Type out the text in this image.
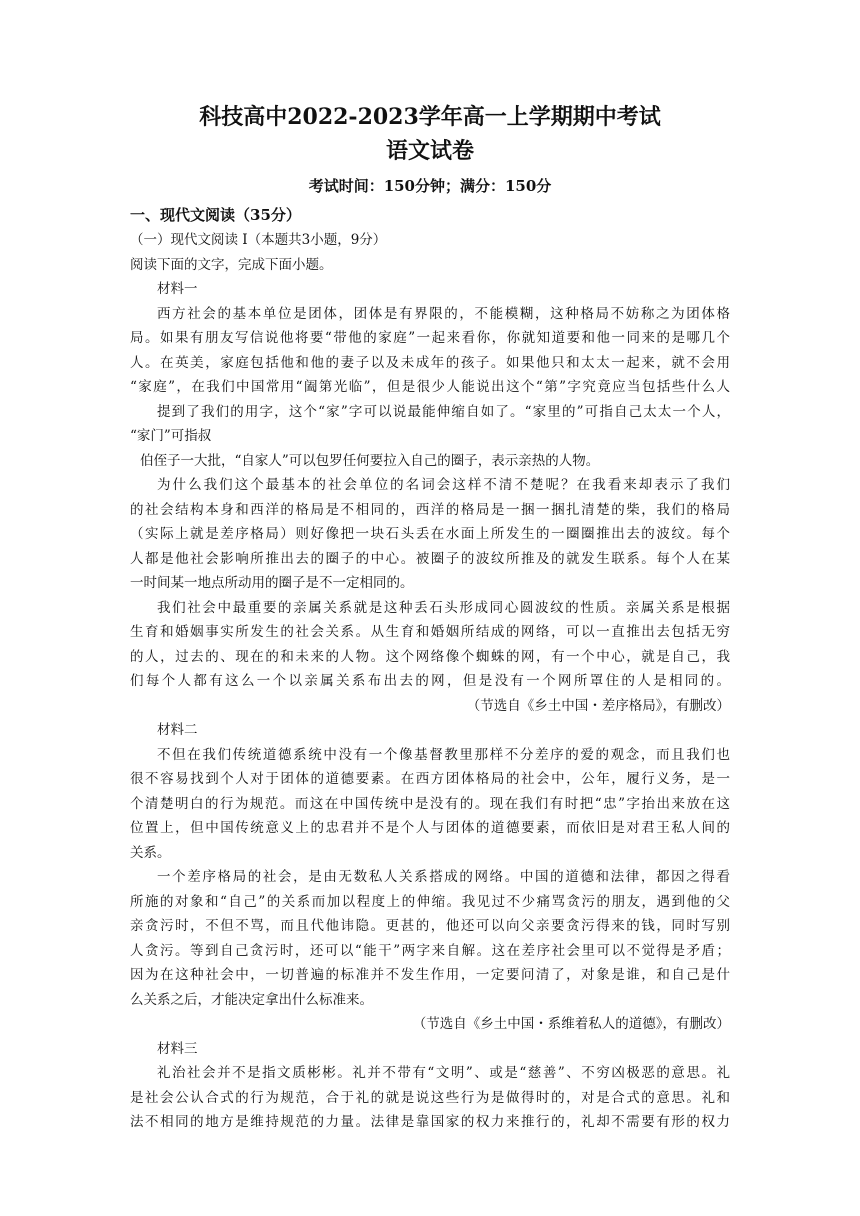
科技高中2022-2023学年高一上学期期中考试

语文试卷

考试时间：150分钟；满分：150分

一、现代文阅读（35分）

（一）现代文阅读 I（本题共3小题，9分）

阅读下面的文字，完成下面小题。

材料一

西方社会的基本单位是团体，团体是有界限的，不能模糊，这种格局不妨称之为团体格

局。如果有朋友写信说他将要“带他的家庭”一起来看你，你就知道要和他一同来的是哪几个

人。在英美，家庭包括他和他的妻子以及未成年的孩子。如果他只和太太一起来，就不会用

“家庭”，在我们中国常用“阖第光临”，但是很少人能说出这个“第”字究竟应当包括些什么人

提到了我们的用字，这个“家”字可以说最能伸缩自如了。“家里的”可指自己太太一个人，

“家门”可指叔

伯侄子一大批，“自家人”可以包罗任何要拉入自己的圈子，表示亲热的人物。

为什么我们这个最基本的社会单位的名词会这样不清不楚呢？在我看来却表示了我们

的社会结构本身和西洋的格局是不相同的，西洋的格局是一捆一捆扎清楚的柴，我们的格局

（实际上就是差序格局）则好像把一块石头丢在水面上所发生的一圈圈推出去的波纹。每个

人都是他社会影响所推出去的圈子的中心。被圈子的波纹所推及的就发生联系。每个人在某

一时间某一地点所动用的圈子是不一定相同的。

我们社会中最重要的亲属关系就是这种丢石头形成同心圆波纹的性质。亲属关系是根据

生育和婚姻事实所发生的社会关系。从生育和婚姻所结成的网络，可以一直推出去包括无穷

的人，过去的、现在的和未来的人物。这个网络像个蜘蛛的网，有一个中心，就是自己，我

们每个人都有这么一个以亲属关系布出去的网，但是没有一个网所罩住的人是相同的。

（节选自《乡土中国・差序格局》，有删改）

材料二

不但在我们传统道德系统中没有一个像基督教里那样不分差序的爱的观念，而且我们也

很不容易找到个人对于团体的道德要素。在西方团体格局的社会中，公年，履行义务，是一

个清楚明白的行为规范。而这在中国传统中是没有的。现在我们有时把“忠”字抬出来放在这

位置上，但中国传统意义上的忠君并不是个人与团体的道德要素，而依旧是对君王私人间的

关系。

一个差序格局的社会，是由无数私人关系搭成的网络。中国的道德和法律，都因之得看

所施的对象和“自己”的关系而加以程度上的伸缩。我见过不少痛骂贪污的朋友，遇到他的父

亲贪污时，不但不骂，而且代他讳隐。更甚的，他还可以向父亲要贪污得来的钱，同时写别

人贪污。等到自己贪污时，还可以“能干”两字来自解。这在差序社会里可以不觉得是矛盾；

因为在这种社会中，一切普遍的标准并不发生作用，一定要问清了，对象是谁，和自己是什

么关系之后，才能决定拿出什么标准来。

（节选自《乡土中国・系维着私人的道德》，有删改）

材料三

礼治社会并不是指文质彬彬。礼并不带有“文明”、或是“慈善”、不穷凶极恶的意思。礼

是社会公认合式的行为规范，合于礼的就是说这些行为是做得时的，对是合式的意思。礼和

法不相同的地方是维持规范的力量。法律是靠国家的权力来推行的，礼却不需要有形的权力
